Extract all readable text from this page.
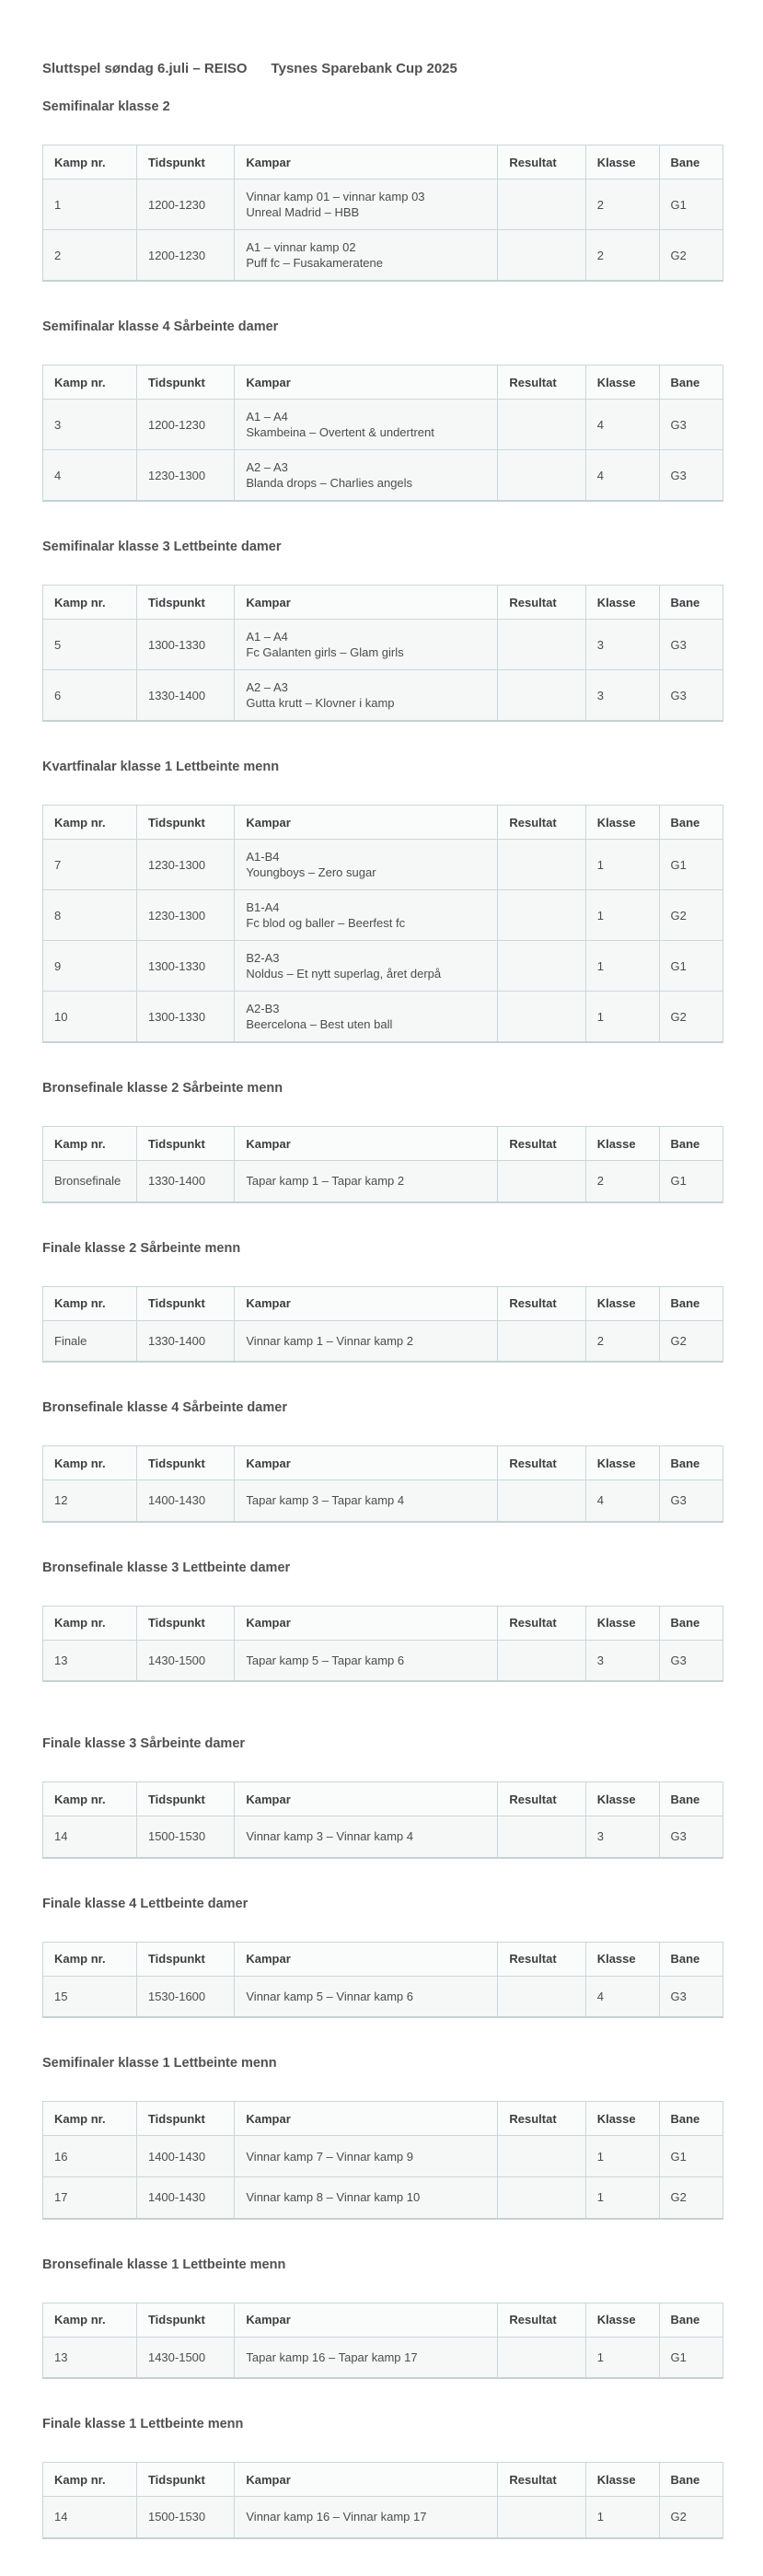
Sluttspel søndag 6.juli – REISO Tysnes Sparebank Cup 2025
Semifinalar klasse 2
Kamp nr.	Tidspunkt	Kampar	Resultat	Klasse	Bane
1	1200-1230	Vinnar kamp 01 – vinnar kamp 03
Unreal Madrid – HBB		2	G1
2	1200-1230	A1 – vinnar kamp 02
Puff fc – Fusakameratene		2	G2
Semifinalar klasse 4 Sårbeinte damer
Kamp nr.	Tidspunkt	Kampar	Resultat	Klasse	Bane
3	1200-1230	A1 – A4
Skambeina – Overtent & undertrent		4	G3
4	1230-1300	A2 – A3
Blanda drops – Charlies angels		4	G3
Semifinalar klasse 3 Lettbeinte damer
Kamp nr.	Tidspunkt	Kampar	Resultat	Klasse	Bane
5	1300-1330	A1 – A4
Fc Galanten girls – Glam girls		3	G3
6	1330-1400	A2 – A3
Gutta krutt – Klovner i kamp		3	G3
Kvartfinalar klasse 1 Lettbeinte menn
Kamp nr.	Tidspunkt	Kampar	Resultat	Klasse	Bane
7	1230-1300	A1-B4
Youngboys – Zero sugar		1	G1
8	1230-1300	B1-A4
Fc blod og baller – Beerfest fc		1	G2
9	1300-1330	B2-A3
Noldus – Et nytt superlag, året derpå		1	G1
10	1300-1330	A2-B3
Beercelona – Best uten ball		1	G2
Bronsefinale klasse 2 Sårbeinte menn
Kamp nr.	Tidspunkt	Kampar	Resultat	Klasse	Bane
Bronsefinale	1330-1400	Tapar kamp 1 – Tapar kamp 2		2	G1
Finale klasse 2 Sårbeinte menn
Kamp nr.	Tidspunkt	Kampar	Resultat	Klasse	Bane
Finale	1330-1400	Vinnar kamp 1 – Vinnar kamp 2		2	G2
Bronsefinale klasse 4 Sårbeinte damer
Kamp nr.	Tidspunkt	Kampar	Resultat	Klasse	Bane
12	1400-1430	Tapar kamp 3 – Tapar kamp 4		4	G3
Bronsefinale klasse 3 Lettbeinte damer
Kamp nr.	Tidspunkt	Kampar	Resultat	Klasse	Bane
13	1430-1500	Tapar kamp 5 – Tapar kamp 6		3	G3
Finale klasse 3 Sårbeinte damer
Kamp nr.	Tidspunkt	Kampar	Resultat	Klasse	Bane
14	1500-1530	Vinnar kamp 3 – Vinnar kamp 4		3	G3
Finale klasse 4 Lettbeinte damer
Kamp nr.	Tidspunkt	Kampar	Resultat	Klasse	Bane
15	1530-1600	Vinnar kamp 5 – Vinnar kamp 6		4	G3
Semifinaler klasse 1 Lettbeinte menn
Kamp nr.	Tidspunkt	Kampar	Resultat	Klasse	Bane
16	1400-1430	Vinnar kamp 7 – Vinnar kamp 9		1	G1
17	1400-1430	Vinnar kamp 8 – Vinnar kamp 10		1	G2
Bronsefinale klasse 1 Lettbeinte menn
Kamp nr.	Tidspunkt	Kampar	Resultat	Klasse	Bane
13	1430-1500	Tapar kamp 16 – Tapar kamp 17		1	G1
Finale klasse 1 Lettbeinte menn
Kamp nr.	Tidspunkt	Kampar	Resultat	Klasse	Bane
14	1500-1530	Vinnar kamp 16 – Vinnar kamp 17		1	G2
